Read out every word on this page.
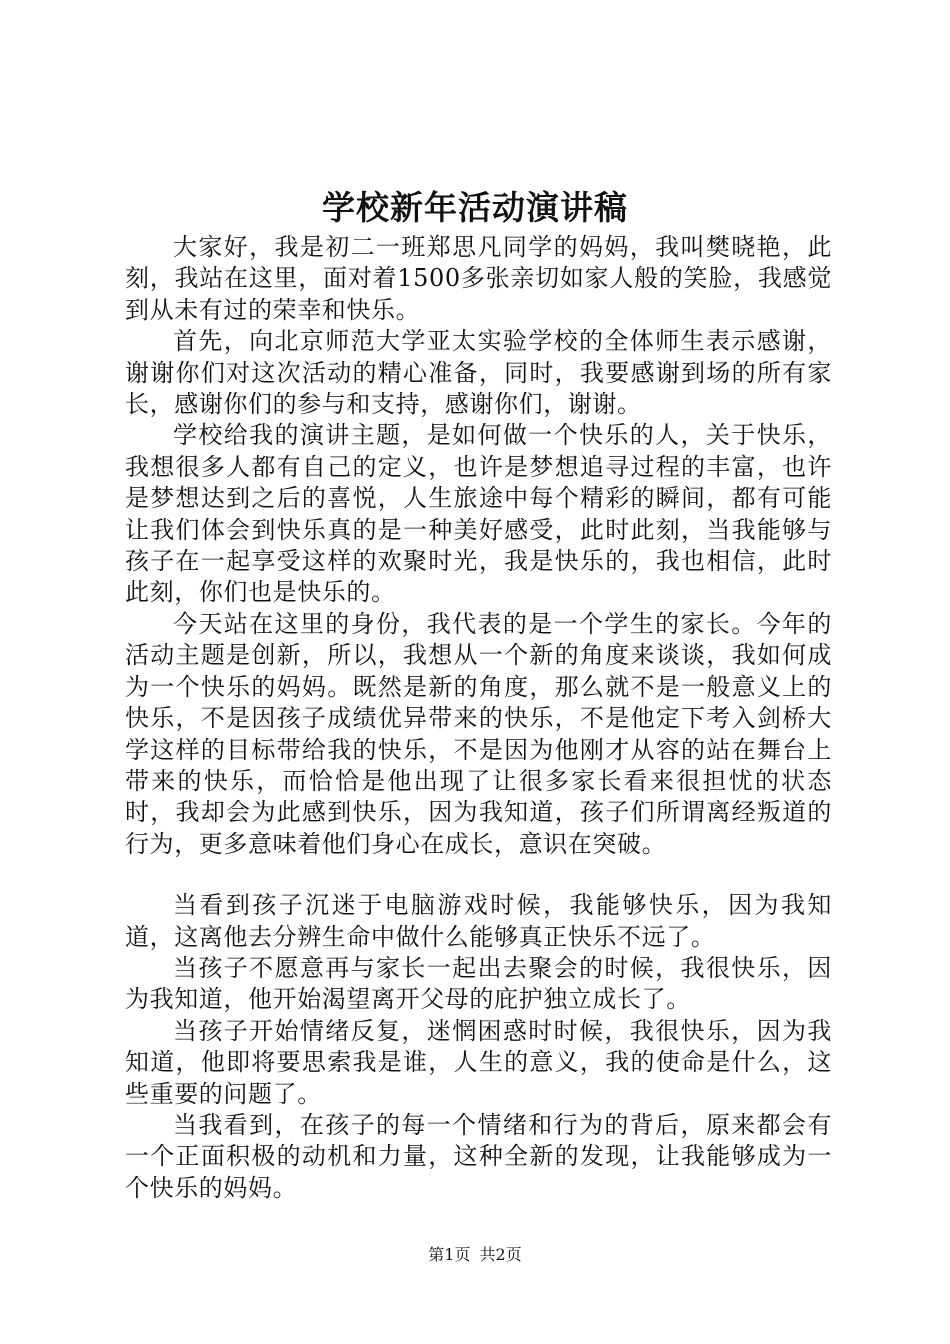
学校新年活动演讲稿

大家好，我是初二一班郑思凡同学的妈妈，我叫樊晓艳，此刻，我站在这里，面对着1500多张亲切如家人般的笑脸，我感觉到从未有过的荣幸和快乐。

首先，向北京师范大学亚太实验学校的全体师生表示感谢，谢谢你们对这次活动的精心准备，同时，我要感谢到场的所有家长，感谢你们的参与和支持，感谢你们，谢谢。

学校给我的演讲主题，是如何做一个快乐的人，关于快乐，我想很多人都有自己的定义，也许是梦想追寻过程的丰富，也许是梦想达到之后的喜悦，人生旅途中每个精彩的瞬间，都有可能让我们体会到快乐真的是一种美好感受，此时此刻，当我能够与孩子在一起享受这样的欢聚时光，我是快乐的，我也相信，此时此刻，你们也是快乐的。

今天站在这里的身份，我代表的是一个学生的家长。今年的活动主题是创新，所以，我想从一个新的角度来谈谈，我如何成为一个快乐的妈妈。既然是新的角度，那么就不是一般意义上的快乐，不是因孩子成绩优异带来的快乐，不是他定下考入剑桥大学这样的目标带给我的快乐，不是因为他刚才从容的站在舞台上带来的快乐，而恰恰是他出现了让很多家长看来很担忧的状态时，我却会为此感到快乐，因为我知道，孩子们所谓离经叛道的行为，更多意味着他们身心在成长，意识在突破。

当看到孩子沉迷于电脑游戏时候，我能够快乐，因为我知道，这离他去分辨生命中做什么能够真正快乐不远了。

当孩子不愿意再与家长一起出去聚会的时候，我很快乐，因为我知道，他开始渴望离开父母的庇护独立成长了。

当孩子开始情绪反复，迷惘困惑时时候，我很快乐，因为我知道，他即将要思索我是谁，人生的意义，我的使命是什么，这些重要的问题了。

当我看到，在孩子的每一个情绪和行为的背后，原来都会有一个正面积极的动机和力量，这种全新的发现，让我能够成为一个快乐的妈妈。

第1页 共2页
